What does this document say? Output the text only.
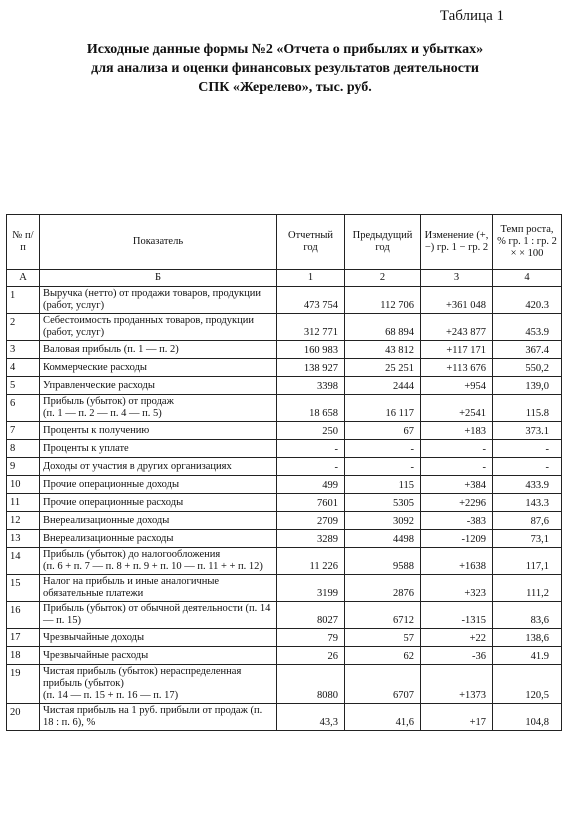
Таблица 1
Исходные данные формы №2 «Отчета о прибылях и убытках»
для анализа и оценки финансовых результатов деятельности
СПК «Жерелево», тыс. руб.
№ п/п	Показатель	Отчетный год	Предыдущий год	Изменение (+, −) гр. 1 − гр. 2	Темп роста, % гр. 1 : гр. 2 × × 100
А	Б	1	2	3	4
1	Выручка (нетто) от продажи товаров, продукции (работ, услуг)	473 754	112 706	+361 048	420.3
2	Себестоимость проданных товаров, продукции (работ, услуг)	312 771	68 894	+243 877	453.9
3	Валовая прибыль (п. 1 — п. 2)	160 983	43 812	+117 171	367.4
4	Коммерческие расходы	138 927	25 251	+113 676	550,2
5	Управленческие расходы	3398	2444	+954	139,0
6	Прибыль (убыток) от продаж
(п. 1 — п. 2 — п. 4 — п. 5)	18 658	16 117	+2541	115.8
7	Проценты к получению	250	67	+183	373.1
8	Проценты к уплате	-	-	-	-
9	Доходы от участия в других организациях	-	-	-	-
10	Прочие операционные доходы	499	115	+384	433.9
11	Прочие операционные расходы	7601	5305	+2296	143.3
12	Внереализационные доходы	2709	3092	-383	87,6
13	Внереализационные расходы	3289	4498	-1209	73,1
14	Прибыль (убыток) до налогообложения
(п. 6 + п. 7 — п. 8 + п. 9 + п. 10 — п. 11 + + п. 12)	11 226	9588	+1638	117,1
15	Налог на прибыль и иные аналогичные обязательные платежи	3199	2876	+323	111,2
16	Прибыль (убыток) от обычной деятельности (п. 14 — п. 15)	8027	6712	-1315	83,6
17	Чрезвычайные доходы	79	57	+22	138,6
18	Чрезвычайные расходы	26	62	-36	41.9
19	Чистая прибыль (убыток) нераспределенная прибыль (убыток)
(п. 14 — п. 15 + п. 16 — п. 17)	8080	6707	+1373	120,5
20	Чистая прибыль на 1 руб. прибыли от продаж (п. 18 : п. 6), %	43,3	41,6	+17	104,8
